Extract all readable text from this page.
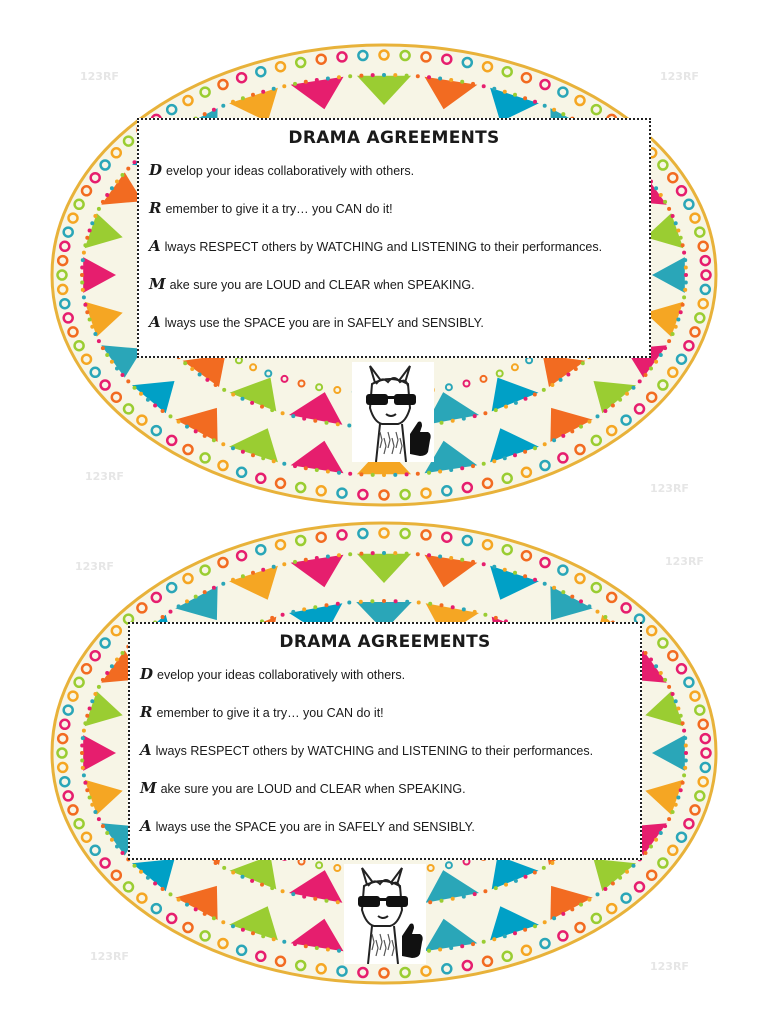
DRAMA AGREEMENTS
D evelop your ideas collaboratively with others.
R emember to give it a try… you CAN do it!
A lways RESPECT others by WATCHING and LISTENING to their performances.
M ake sure you are LOUD and CLEAR when SPEAKING.
A lways use the SPACE you are in SAFELY and SENSIBLY.
DRAMA AGREEMENTS
D evelop your ideas collaboratively with others.
R emember to give it a try… you CAN do it!
A lways RESPECT others by WATCHING and LISTENING to their performances.
M ake sure you are LOUD and CLEAR when SPEAKING.
A lways use the SPACE you are in SAFELY and SENSIBLY.
123RF	123RF
123RF
123RF
123RF	123RF
123RF
123RF
